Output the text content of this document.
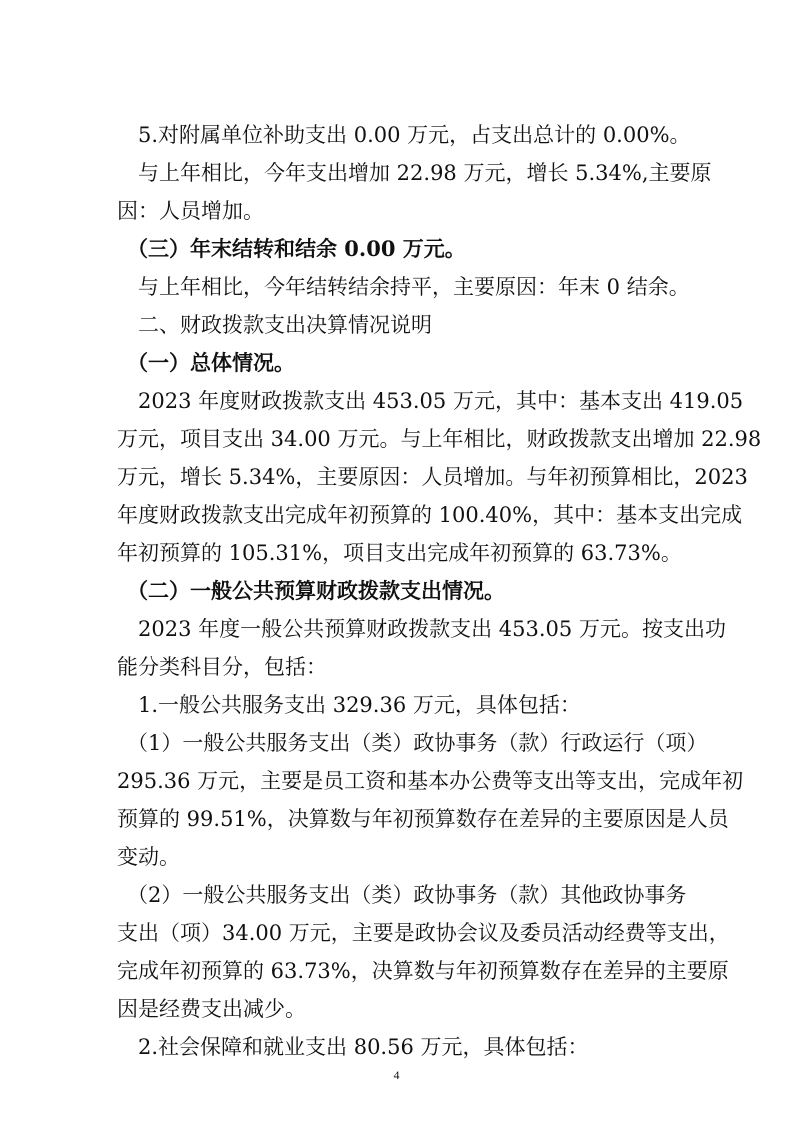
5.对附属单位补助支出 0.00 万元，占支出总计的 0.00%。
与上年相比，今年支出增加 22.98 万元，增长 5.34%,主要原
因：人员增加。
（三）年末结转和结余 0.00 万元。
与上年相比，今年结转结余持平，主要原因：年末 0 结余。
二、财政拨款支出决算情况说明
（一）总体情况。
2023 年度财政拨款支出 453.05 万元，其中：基本支出 419.05
万元，项目支出 34.00 万元。与上年相比，财政拨款支出增加 22.98
万元，增长 5.34%，主要原因：人员增加。与年初预算相比，2023
年度财政拨款支出完成年初预算的 100.40%，其中：基本支出完成
年初预算的 105.31%，项目支出完成年初预算的 63.73%。
（二）一般公共预算财政拨款支出情况。
2023 年度一般公共预算财政拨款支出 453.05 万元。按支出功
能分类科目分，包括：
1.一般公共服务支出 329.36 万元，具体包括：
（1）一般公共服务支出（类）政协事务（款）行政运行（项）
295.36 万元，主要是员工资和基本办公费等支出等支出，完成年初
预算的 99.51%，决算数与年初预算数存在差异的主要原因是人员
变动。
（2）一般公共服务支出（类）政协事务（款）其他政协事务
支出（项）34.00 万元，主要是政协会议及委员活动经费等支出，
完成年初预算的 63.73%，决算数与年初预算数存在差异的主要原
因是经费支出减少。
2.社会保障和就业支出 80.56 万元，具体包括：
4
